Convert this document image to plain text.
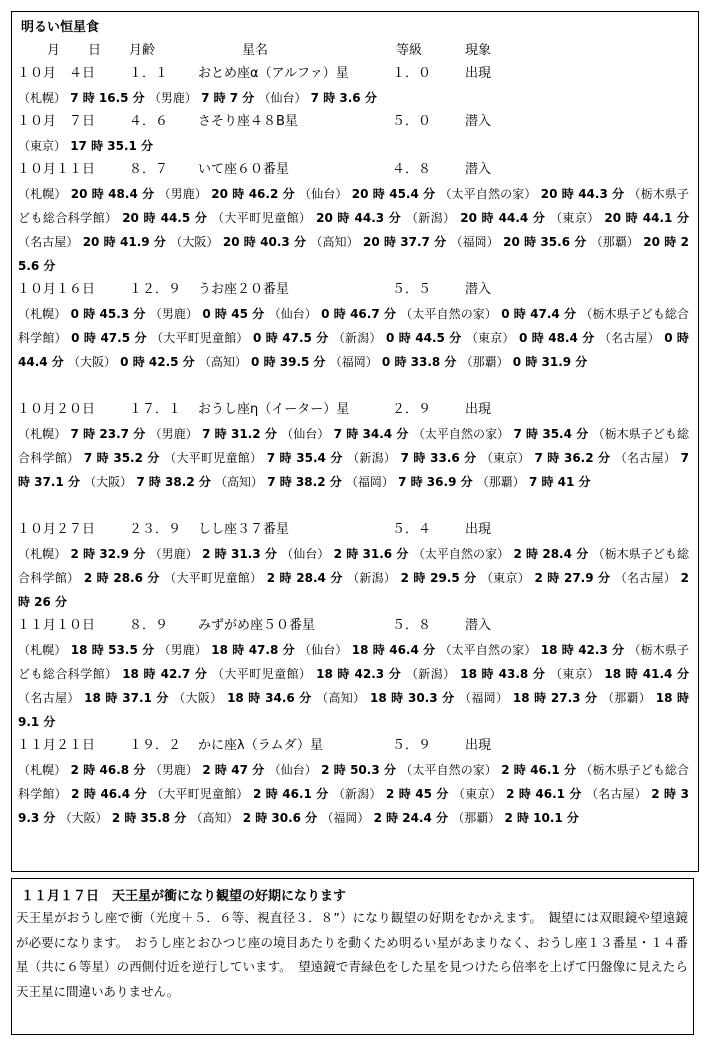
明るい恒星食
月 日 月齢	星名	等級	現象
１０月　４日	１．１ おとめ座α（アルファ）星	１．０	出現
（札幌） 7 時 16.5 分 （男鹿） 7 時 7 分 （仙台） 7 時 3.6 分
１０月　７日	４．６ さそり座４８B星	５．０	潜入
（東京） 17 時 35.1 分
１０月１１日	８．７ いて座６０番星	４．８	潜入
（札幌） 20 時 48.4 分 （男鹿） 20 時 46.2 分 （仙台） 20 時 45.4 分 （太平自然の家） 20 時 44.3 分 （栃木県子ども総合科学館） 20 時 44.5 分 （大平町児童館） 20 時 44.3 分 （新潟） 20 時 44.4 分 （東京） 20 時 44.1 分 （名古屋） 20 時 41.9 分 （大阪） 20 時 40.3 分 （高知） 20 時 37.7 分 （福岡） 20 時 35.6 分 （那覇） 20 時 25.6 分
１０月１６日	１２．９ うお座２０番星	５．５	潜入
（札幌） 0 時 45.3 分 （男鹿） 0 時 45 分 （仙台） 0 時 46.7 分 （太平自然の家） 0 時 47.4 分 （栃木県子ども総合科学館） 0 時 47.5 分 （大平町児童館） 0 時 47.5 分 （新潟） 0 時 44.5 分 （東京） 0 時 48.4 分 （名古屋） 0 時 44.4 分 （大阪） 0 時 42.5 分 （高知） 0 時 39.5 分 （福岡） 0 時 33.8 分 （那覇） 0 時 31.9 分
１０月２０日	１７．１ おうし座η（イーター）星	２．９	出現
（札幌） 7 時 23.7 分 （男鹿） 7 時 31.2 分 （仙台） 7 時 34.4 分 （太平自然の家） 7 時 35.4 分 （栃木県子ども総合科学館） 7 時 35.2 分 （大平町児童館） 7 時 35.4 分 （新潟） 7 時 33.6 分 （東京） 7 時 36.2 分 （名古屋） 7 時 37.1 分 （大阪） 7 時 38.2 分 （高知） 7 時 38.2 分 （福岡） 7 時 36.9 分 （那覇） 7 時 41 分
１０月２７日	２３．９ しし座３７番星	５．４	出現
（札幌） 2 時 32.9 分 （男鹿） 2 時 31.3 分 （仙台） 2 時 31.6 分 （太平自然の家） 2 時 28.4 分 （栃木県子ども総合科学館） 2 時 28.6 分 （大平町児童館） 2 時 28.4 分 （新潟） 2 時 29.5 分 （東京） 2 時 27.9 分 （名古屋） 2 時 26 分
１１月１０日	８．９ みずがめ座５０番星	５．８	潜入
（札幌） 18 時 53.5 分 （男鹿） 18 時 47.8 分 （仙台） 18 時 46.4 分 （太平自然の家） 18 時 42.3 分 （栃木県子ども総合科学館） 18 時 42.7 分 （大平町児童館） 18 時 42.3 分 （新潟） 18 時 43.8 分 （東京） 18 時 41.4 分 （名古屋） 18 時 37.1 分 （大阪） 18 時 34.6 分 （高知） 18 時 30.3 分 （福岡） 18 時 27.3 分 （那覇） 18 時 9.1 分
１１月２１日	１９．２ かに座λ（ラムダ）星	５．９	出現
（札幌） 2 時 46.8 分 （男鹿） 2 時 47 分 （仙台） 2 時 50.3 分 （太平自然の家） 2 時 46.1 分 （栃木県子ども総合科学館） 2 時 46.4 分 （大平町児童館） 2 時 46.1 分 （新潟） 2 時 45 分 （東京） 2 時 46.1 分 （名古屋） 2 時 39.3 分 （大阪） 2 時 35.8 分 （高知） 2 時 30.6 分 （福岡） 2 時 24.4 分 （那覇） 2 時 10.1 分
１１月１７日　天王星が衝になり観望の好期になります
天王星がおうし座で衝（光度＋５．６等、視直径３．８”）になり観望の好期をむかえます。　観望には双眼鏡や望遠鏡が必要になります。　おうし座とおひつじ座の境目あたりを動くため明るい星があまりなく、おうし座１３番星・１４番星（共に６等星）の西側付近を逆行しています。　望遠鏡で青緑色をした星を見つけたら倍率を上げて円盤像に見えたら天王星に間違いありません。
